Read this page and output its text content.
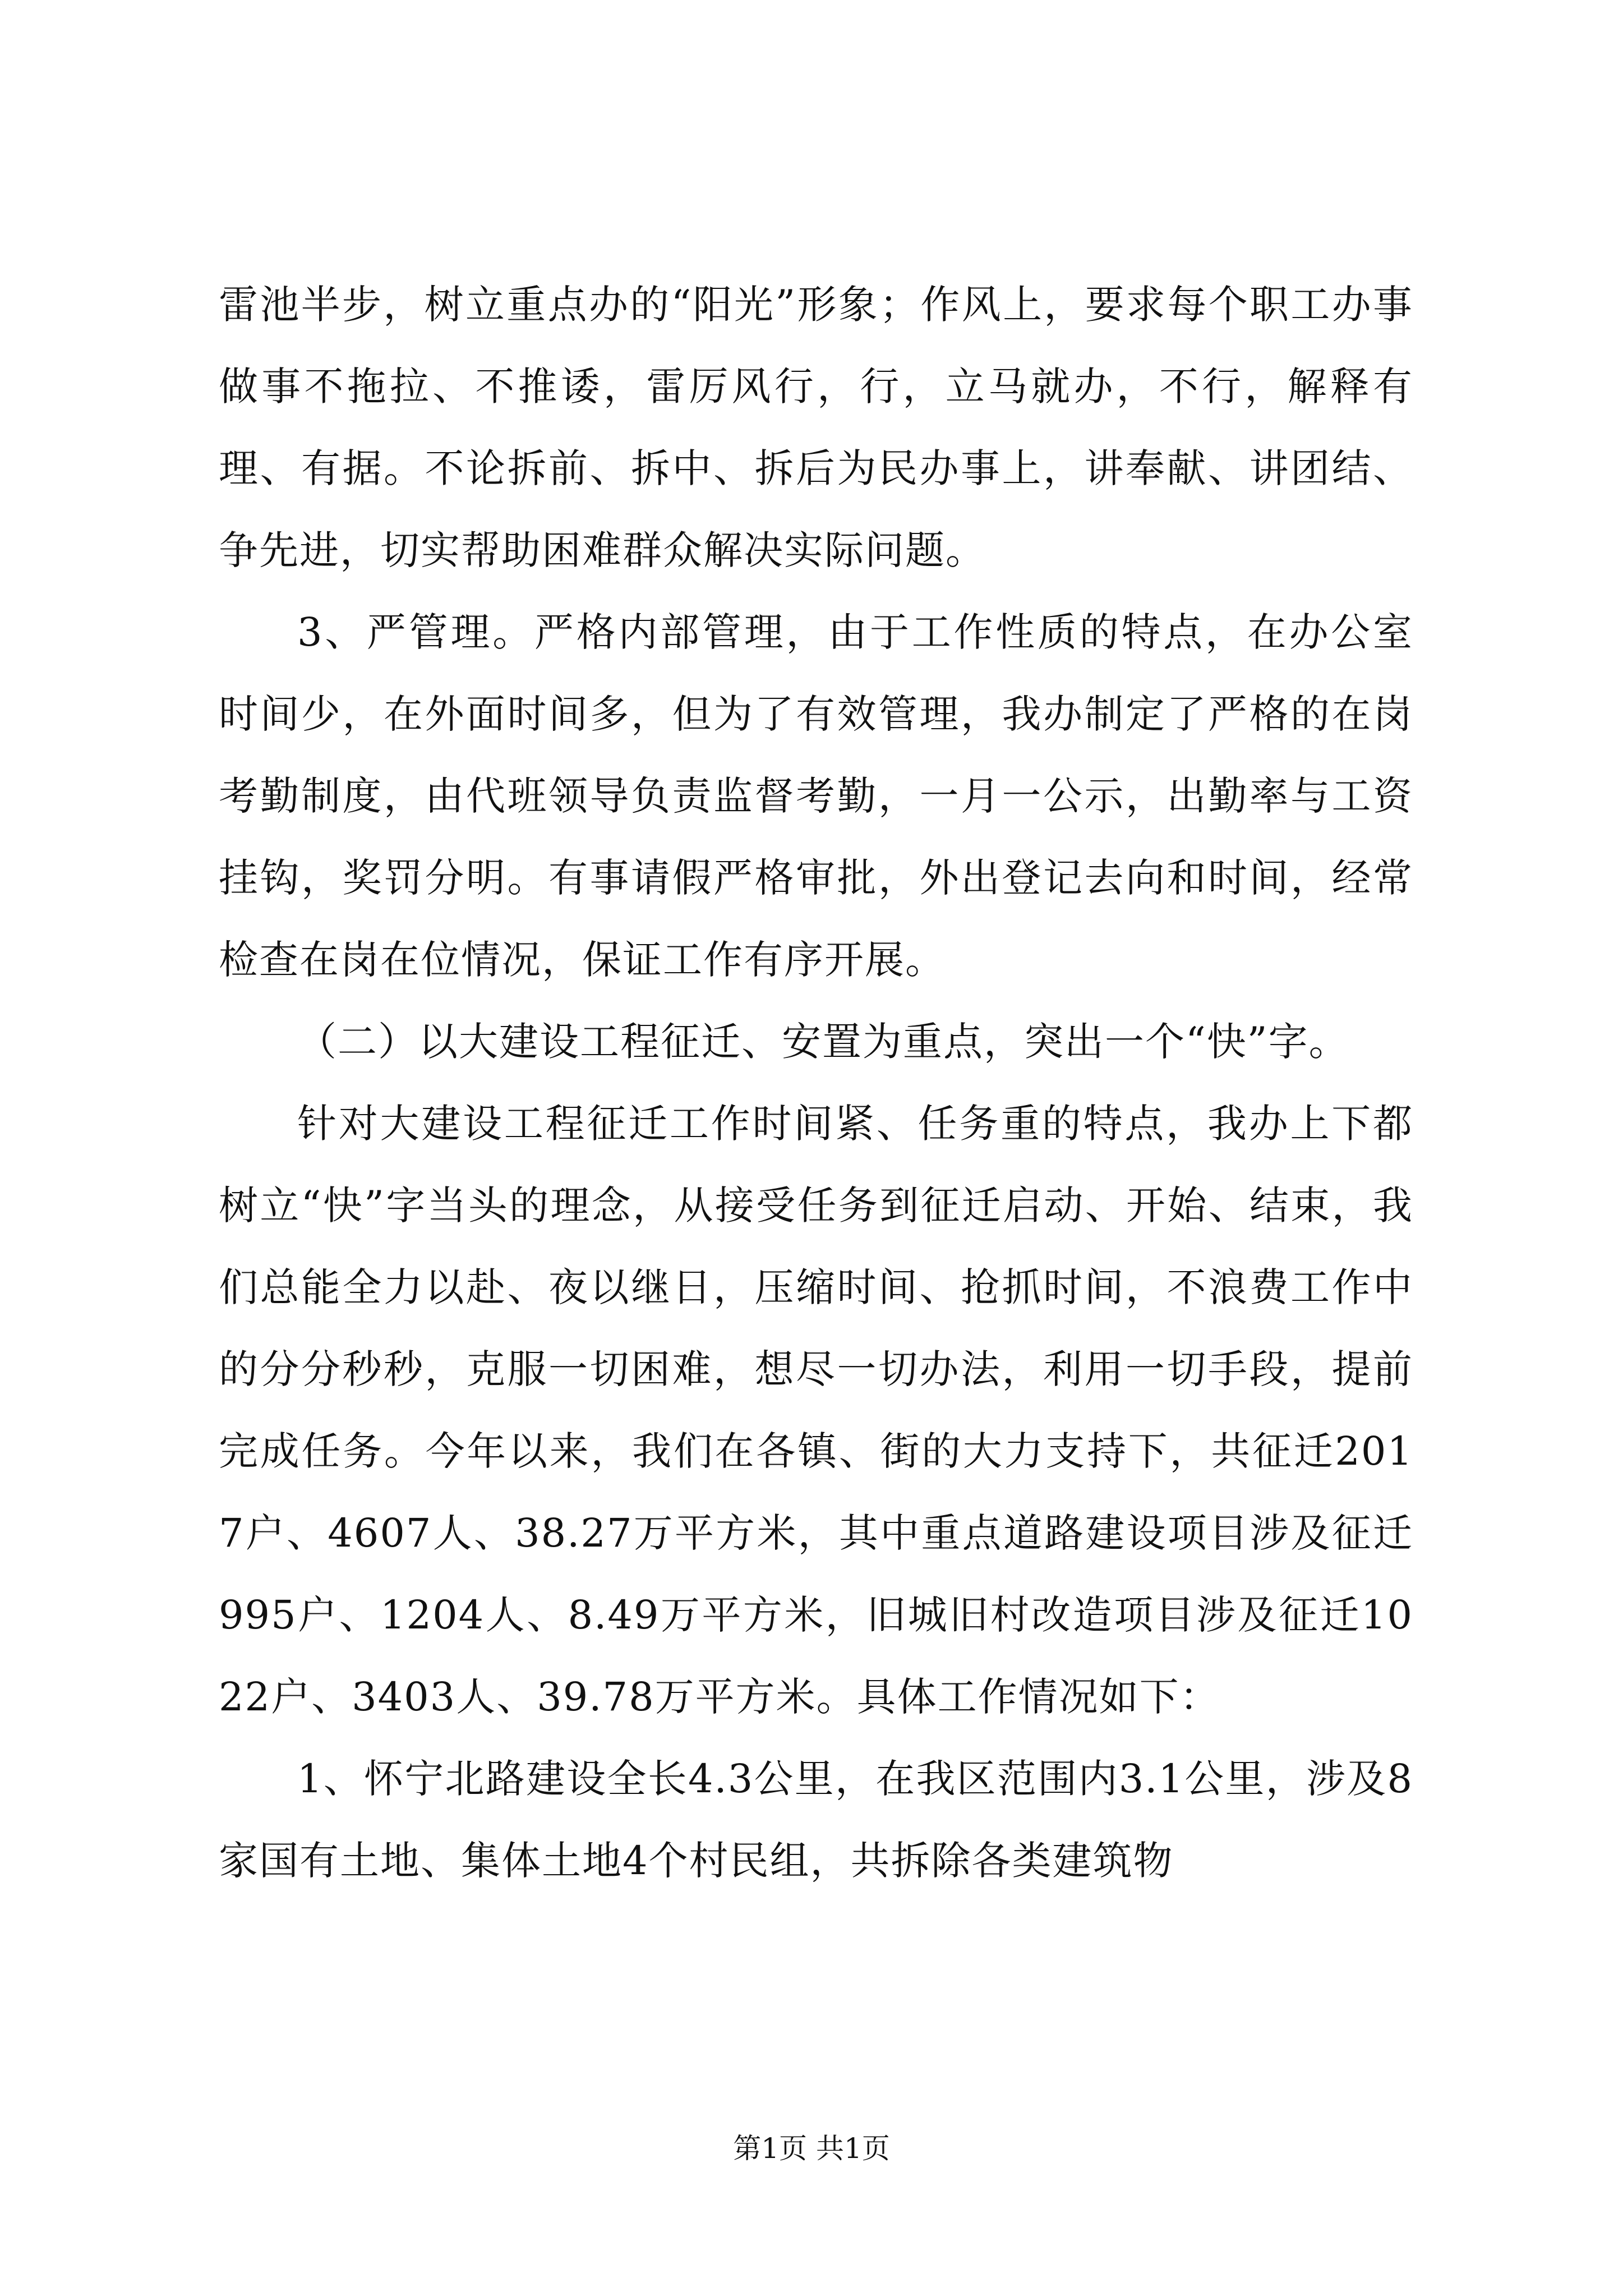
雷池半步，树立重点办的“阳光”形象；作风上，要求每个职工办事做事不拖拉、不推诿，雷厉风行，行，立马就办，不行，解释有理、有据。不论拆前、拆中、拆后为民办事上，讲奉献、讲团结、争先进，切实帮助困难群众解决实际问题。

3、严管理。严格内部管理，由于工作性质的特点，在办公室时间少，在外面时间多，但为了有效管理，我办制定了严格的在岗考勤制度，由代班领导负责监督考勤，一月一公示，出勤率与工资挂钩，奖罚分明。有事请假严格审批，外出登记去向和时间，经常检查在岗在位情况，保证工作有序开展。

（二）以大建设工程征迁、安置为重点，突出一个“快”字。

针对大建设工程征迁工作时间紧、任务重的特点，我办上下都树立“快”字当头的理念，从接受任务到征迁启动、开始、结束，我们总能全力以赴、夜以继日，压缩时间、抢抓时间，不浪费工作中的分分秒秒，克服一切困难，想尽一切办法，利用一切手段，提前完成任务。今年以来，我们在各镇、街的大力支持下，共征迁2017户、4607人、38.27万平方米，其中重点道路建设项目涉及征迁995户、1204人、8.49万平方米，旧城旧村改造项目涉及征迁1022户、3403人、39.78万平方米。具体工作情况如下：

1、怀宁北路建设全长4.3公里，在我区范围内3.1公里，涉及8家国有土地、集体土地4个村民组，共拆除各类建筑物

第1页 共1页
